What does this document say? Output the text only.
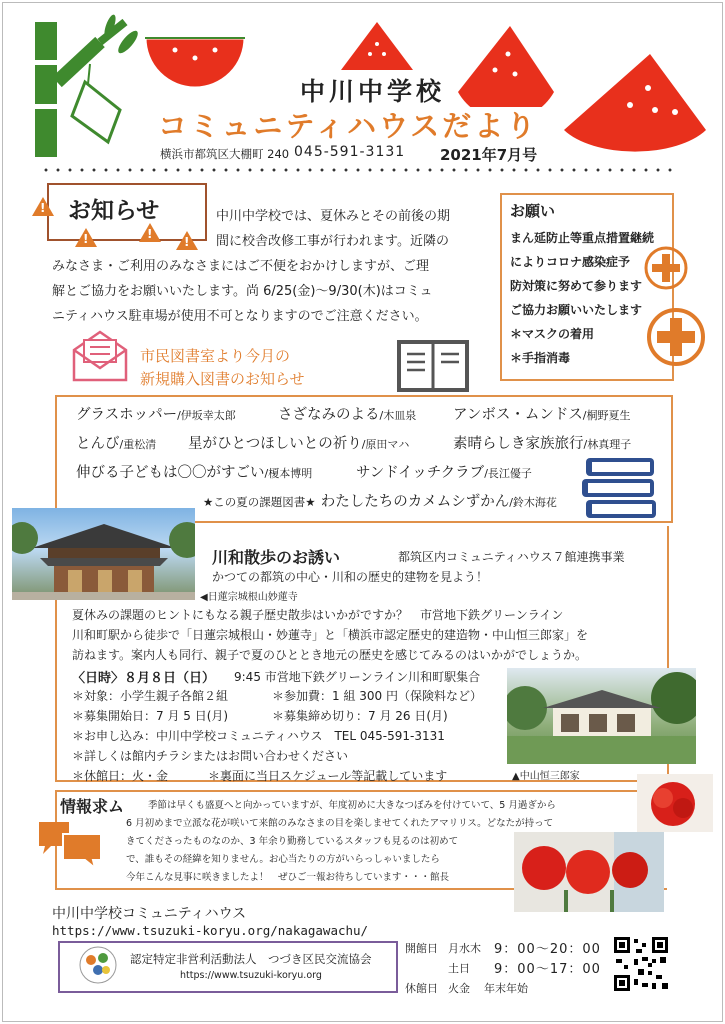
中川中学校
コミュニティハウスだより
横浜市都筑区大棚町 240 045-591-3131 2021年7月号
お知らせ
!
!
!
!	中川中学校では、夏休みとその前後の期
間に校舎改修工事が行われます。近隣の
みなさま・ご利用のみなさまにはご不便をおかけしますが、ご理
解とご協力をお願いいたします。尚 6/25(金)～9/30(木)はコミュ
ニティハウス駐車場が使用不可となりますのでご注意ください。
お願い
まん延防止等重点措置継続
によりコロナ感染症予
防対策に努めて参ります
ご協力お願いいたします
＊マスクの着用
＊手指消毒
市民図書室より今月の
新規購入図書のお知らせ
グラスホッパー/伊坂幸太郎	さざなみのよる/木皿泉	アンボス・ムンドス/桐野夏生
とんび/重松清 星がひとつほしいとの祈り/原田マハ	素晴らしき家族旅行/林真理子
伸びる子どもは〇〇がすごい/榎本博明	サンドイッチクラブ/長江優子
★この夏の課題図書★ わたしたちのカメムシずかん/鈴木海花
◀日蓮宗城根山妙蓮寺
川和散歩のお誘い	都筑区内コミュニティハウス７館連携事業
かつての都筑の中心・川和の歴史的建物を見よう！
夏休みの課題のヒントにもなる親子歴史散歩はいかがですか？　市営地下鉄グリーンライン
川和町駅から徒歩で「日蓮宗城根山・妙蓮寺」と「横浜市認定歴史的建造物・中山恒三郎家」を
訪ねます。案内人も同行、親子で夏のひととき地元の歴史を感じてみるのはいかがでしょうか。
〈日時〉８月８日（日） 9:45 市営地下鉄グリーンライン川和町駅集合
＊対象：小学生親子各館２組	＊参加費：1 組 300 円（保険料など）
＊募集開始日：7 月 5 日(月)	＊募集締め切り：7 月 26 日(月)
＊お申し込み：中川中学校コミュニティハウス　TEL 045-591-3131
＊詳しくは館内チラシまたはお問い合わせください
＊休館日：火・金	＊裏面に当日スケジュール等記載しています	▲中山恒三郎家
情報求ム	季節は早くも盛夏へと向かっていますが、年度初めに大きなつぼみを付けていて、5 月過ぎから
6 月初めまで立派な花が咲いて来館のみなさまの目を楽しませてくれたアマリリス。どなたが持って
きてくださったものなのか、3 年余り勤務しているスタッフも見るのは初めて
で、誰もその経緯を知りません。お心当たりの方がいらっしゃいましたら
今年こんな見事に咲きましたよ！　ぜひご一報お待ちしています・・・館長
中川中学校コミュニティハウス
https://www.tsuzuki-koryu.org/nakagawachu/
認定特定非営利活動法人　つづき区民交流協会
https://www.tsuzuki-koryu.org
開館日 月水木 9：00～20：00
土日 9：00～17：00
休館日 火金 年末年始
